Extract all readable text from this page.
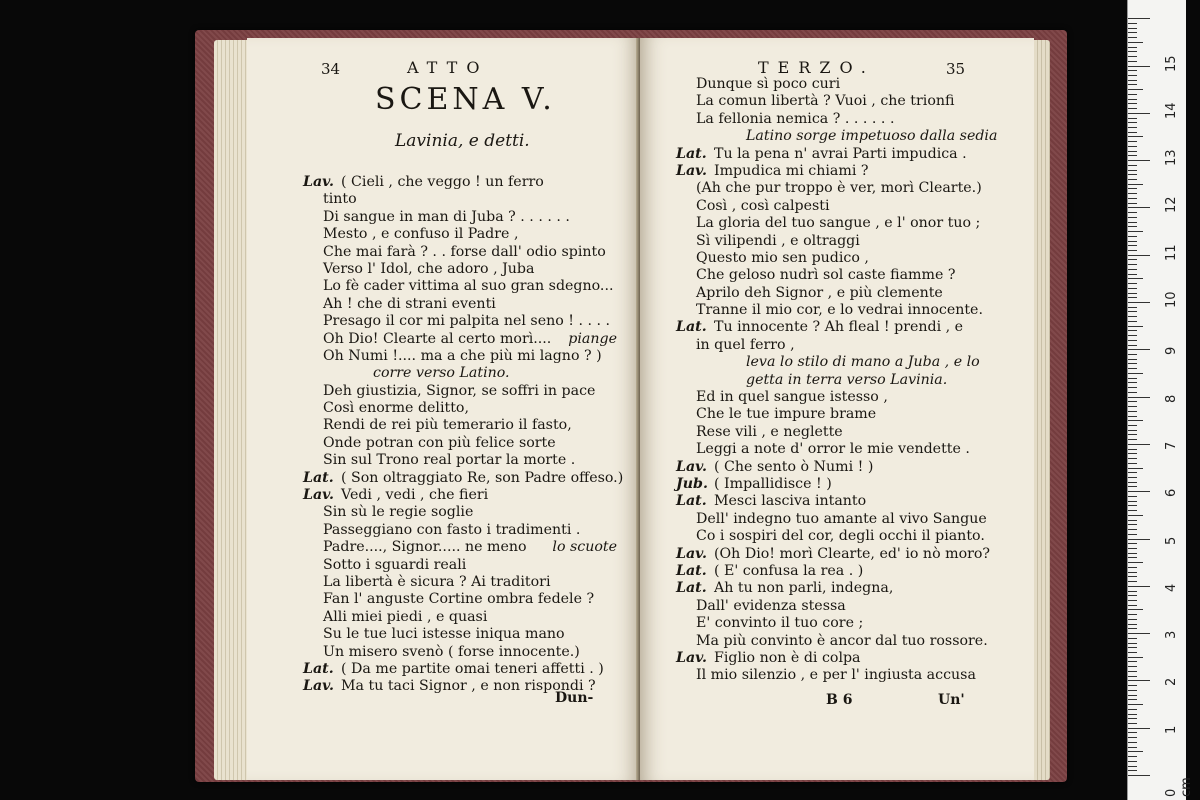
34	ATTO
SCENA V.
Lavinia, e detti.
Lav. ( Cieli , che veggo ! un ferro
tinto
Di sangue in man di Juba ? . . . . . .
Mesto , e confuso il Padre ,
Che mai farà ? . . forse dall' odio spinto
Verso l' Idol, che adoro , Juba
Lo fè cader vittima al suo gran sdegno...
Ah ! che di strani eventi
Presago il cor mi palpita nel seno ! . . . .
Oh Dio! Clearte al certo morì.... piange
Oh Numi !.... ma a che più mi lagno ? )
corre verso Latino.
Deh giustizia, Signor, se soffri in pace
Così enorme delitto,
Rendi de rei più temerario il fasto,
Onde potran con più felice sorte
Sin sul Trono real portar la morte .
Lat. ( Son oltraggiato Re, son Padre offeso.)
Lav. Vedi , vedi , che fieri
Sin sù le regie soglie
Passeggiano con fasto i tradimenti .
Padre...., Signor..... ne meno lo scuote
Sotto i sguardi reali
La libertà è sicura ? Ai traditori
Fan l' anguste Cortine ombra fedele ?
Alli miei piedi , e quasi
Su le tue luci istesse iniqua mano
Un misero svenò ( forse innocente.)
Lat. ( Da me partite omai teneri affetti . )
Lav. Ma tu taci Signor , e non rispondi ?
Dun-
TERZO.	35
Dunque sì poco curi
La comun libertà ? Vuoi , che trionfi
La fellonia nemica ? . . . . . .
Latino sorge impetuoso dalla sedia
Lat. Tu la pena n' avrai Parti impudica .
Lav. Impudica mi chiami ?
(Ah che pur troppo è ver, morì Clearte.)
Così , così calpesti
La gloria del tuo sangue , e l' onor tuo ;
Sì vilipendi , e oltraggi
Questo mio sen pudico ,
Che geloso nudrì sol caste fiamme ?
Aprilo deh Signor , e più clemente
Tranne il mio cor, e lo vedrai innocente.
Lat. Tu innocente ? Ah fleal ! prendi , e
in quel ferro ,
leva lo stilo di mano a Juba , e lo
getta in terra verso Lavinia.
Ed in quel sangue istesso ,
Che le tue impure brame
Rese vili , e neglette
Leggi a note d' orror le mie vendette .
Lav. ( Che sento ò Numi ! )
Jub. ( Impallidisce ! )
Lat. Mesci lasciva intanto
Dell' indegno tuo amante al vivo Sangue
Co i sospiri del cor, degli occhi il pianto.
Lav. (Oh Dio! morì Clearte, ed' io nò moro?
Lat. ( E' confusa la rea . )
Lat. Ah tu non parli, indegna,
Dall' evidenza stessa
E' convinto il tuo core ;
Ma più convinto è ancor dal tuo rossore.
Lav. Figlio non è di colpa
Il mio silenzio , e per l' ingiusta accusa
B 6	Un'
0 cm
1
2
3
4
5
6
7
8
9
10
11
12
13
14
15
